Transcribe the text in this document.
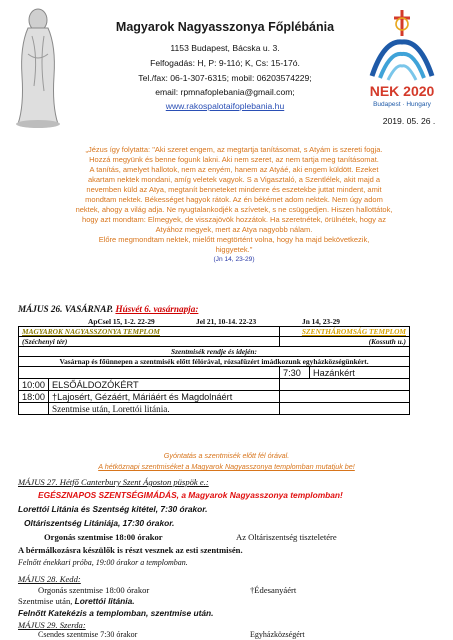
NEK 2020
Budapest · Hungary
Magyarok Nagyasszonya Főplébánia
1153 Budapest, Bácska u. 3.
Felfogadás: H, P: 9-11ó; K, Cs: 15-17ó.
Tel./fax: 06-1-307-6315; mobil: 06203574229;
email: rpmnafoplebania@gmail.com;
www.rakospalotaifoplebania.hu
2019. 05. 26 .
„Jézus így folytatta: "Aki szeret engem, az megtartja tanításomat, s Atyám is szereti fogja.
Hozzá megyünk és benne fogunk lakni. Aki nem szeret, az nem tartja meg tanításomat.
A tanítás, amelyet hallotok, nem az enyém, hanem az Atyáé, aki engem küldött. Ezeket
akartam nektek mondani, amíg veletek vagyok. S a Vigasztaló, a Szentlélek, akit majd a
nevemben küld az Atya, megtanít benneteket mindenre és eszetekbe juttat mindent, amit
mondtam nektek. Békességet hagyok rátok. Az én békémet adom nektek. Nem úgy adom
nektek, ahogy a világ adja. Ne nyugtalankodjék a szívetek, s ne csüggedjen. Hiszen hallottátok,
hogy azt mondtam: Elmegyek, de visszajövök hozzátok. Ha szeretnétek, örülnétek, hogy az
Atyához megyek, mert az Atya nagyobb nálam.
Előre megmondtam nektek, mielőtt megtörtént volna, hogy ha majd bekövetkezik,
higgyetek."
(Jn 14, 23-29)
MÁJUS 26. VASÁRNAP. Húsvét 6. vasárnapja:
ApCsel 15, 1-2. 22-29	Jel 21, 10-14. 22-23	Jn 14, 23-29
MAGYAROK NAGYASSZONYA TEMPLOM		SZENTHÁROMSÁG TEMPLOM	
(Széchenyi tér)		(Kossuth u.)	
Szentmisék rendje és idején:			
Vasárnap és főünnepen a szentmisék előtt félórával, rózsafüzért imádkozunk egyházközségünkért.			
		7:30	Hazánkért
10:00	ELSŐÁLDOZÓKÉRT		
18:00	†Lajosért, Gézáért, Máriáért és Magdolnáért		
	Szentmise után, Lorettói litánia.		
Gyóntatás a szentmisék előtt fél órával.
A hétköznapi szentmiséket a Magyarok Nagyasszonya templomban mutatjuk be!
MÁJUS 27. Hétfő Canterbury Szent Ágoston püspök e.:
EGÉSZNAPOS SZENTSÉGIMÁDÁS, a Magyarok Nagyasszonya templomban!
Lorettói Litánia és Szentség kitétel, 7:30 órakor.
Oltáriszentség Litániája, 17:30 órakor.
Orgonás szentmise 18:00 órakor	Az Oltáriszentség tiszteletére
A bérmálkozásra készülők is részt vesznek az esti szentmisén.
Felnőtt énekkari próba, 19:00 órakor a templomban.
MÁJUS 28. Kedd:
Orgonás szentmise 18:00 órakor	†Édesanyáért
Szentmise után, Lorettói litánia.
Felnőtt Katekézis a templomban, szentmise után.
MÁJUS 29. Szerda:
Csendes szentmise 7:30 órakor	Egyházközségért
